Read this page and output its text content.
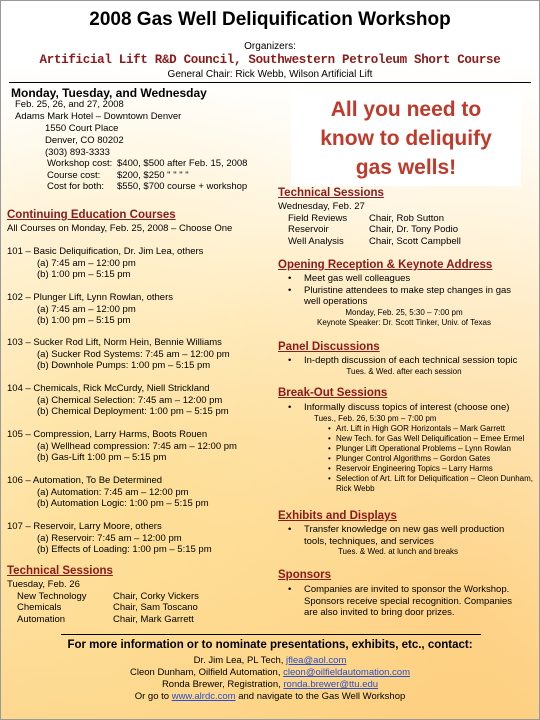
2008 Gas Well Deliquification Workshop
Organizers:
Artificial Lift R&D Council, Southwestern Petroleum Short Course
General Chair: Rick Webb, Wilson Artificial Lift
Monday, Tuesday, and Wednesday
Feb. 25, 26, and 27, 2008
Adams Mark Hotel – Downtown Denver
1550 Court Place
Denver, CO 80202
(303) 893-3333
Workshop cost:	$400, $500 after Feb. 15, 2008
Course cost:	$200, $250 " " " "
Cost for both:	$550, $700 course + workshop
Continuing Education Courses
All Courses on Monday, Feb. 25, 2008 – Choose One
101 – Basic Deliquification, Dr. Jim Lea, others
(a) 7:45 am – 12:00 pm
(b) 1:00 pm – 5:15 pm
102 – Plunger Lift, Lynn Rowlan, others
(a) 7:45 am – 12:00 pm
(b) 1:00 pm – 5:15 pm
103 – Sucker Rod Lift, Norm Hein, Bennie Williams
(a) Sucker Rod Systems: 7:45 am – 12:00 pm
(b) Downhole Pumps: 1:00 pm – 5:15 pm
104 – Chemicals, Rick McCurdy, Niell Strickland
(a) Chemical Selection: 7:45 am – 12:00 pm
(b) Chemical Deployment: 1:00 pm – 5:15 pm
105 – Compression, Larry Harms, Boots Rouen
(a) Wellhead compression: 7:45 am – 12:00 pm
(b) Gas-Lift 1:00 pm – 5:15 pm
106 – Automation, To Be Determined
(a) Automation: 7:45 am – 12:00 pm
(b) Automation Logic: 1:00 pm – 5:15 pm
107 – Reservoir, Larry Moore, others
(a) Reservoir: 7:45 am – 12:00 pm
(b) Effects of Loading: 1:00 pm – 5:15 pm
Technical Sessions
Tuesday, Feb. 26
New Technology	Chair, Corky Vickers
Chemicals	Chair, Sam Toscano
Automation	Chair, Mark Garrett
All you need to
know to deliquify
gas wells!
Technical Sessions
Wednesday, Feb. 27
Field Reviews	Chair, Rob Sutton
Reservoir	Chair, Dr. Tony Podio
Well Analysis	Chair, Scott Campbell
Opening Reception & Keynote Address
• Meet gas well colleagues
• Pluristine attendees to make step changes in gas well operations
Monday, Feb. 25, 5:30 – 7:00 pm
Keynote Speaker: Dr. Scott Tinker, Univ. of Texas
Panel Discussions
• In-depth discussion of each technical session topic
Tues. & Wed. after each session
Break-Out Sessions
• Informally discuss topics of interest (choose one)
Tues., Feb. 26, 5:30 pm – 7:00 pm
• Art. Lift in High GOR Horizontals – Mark Garrett
• New Tech. for Gas Well Deliquification – Emee Ermel
• Plunger Lift Operational Problems – Lynn Rowlan
• Plunger Control Algorithms – Gordon Gates
• Reservoir Engineering Topics – Larry Harms
• Selection of Art. Lift for Deliquification – Cleon Dunham, Rick Webb
Exhibits and Displays
• Transfer knowledge on new gas well production tools, techniques, and services
Tues. & Wed. at lunch and breaks
Sponsors
• Companies are invited to sponsor the Workshop. Sponsors receive special recognition. Companies are also invited to bring door prizes.
For more information or to nominate presentations, exhibits, etc., contact:
Dr. Jim Lea, PL Tech, jflea@aol.com
Cleon Dunham, Oilfield Automation, cleon@oilfieldautomation.com
Ronda Brewer, Registration, ronda.brewer@ttu.edu
Or go to www.alrdc.com and navigate to the Gas Well Workshop
